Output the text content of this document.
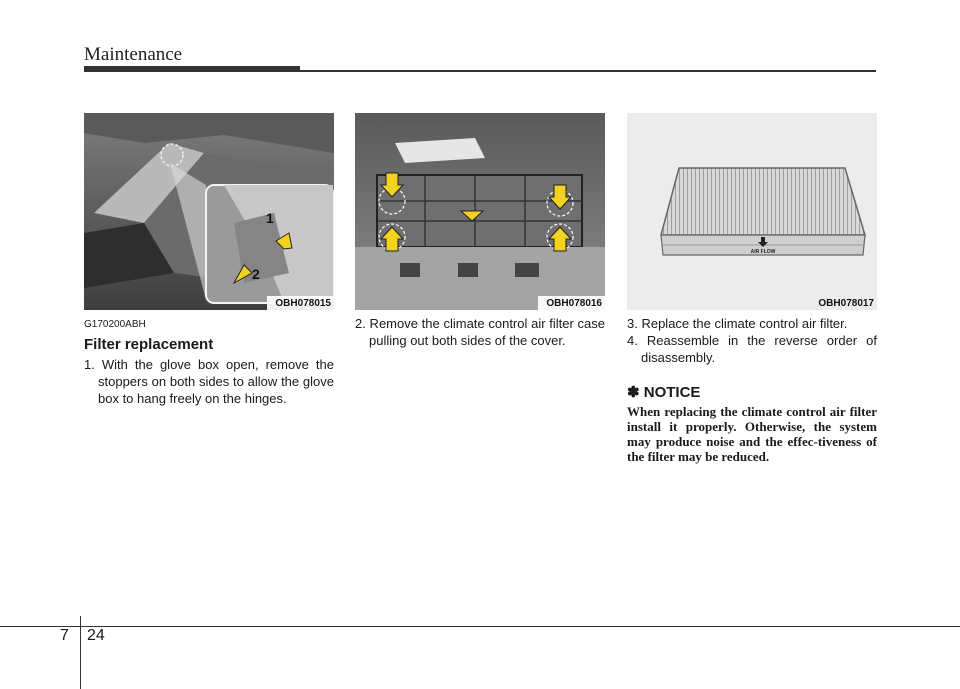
Maintenance
1
2
OBH078015	OBH078016
AIR FLOW
OBH078017
G170200ABH
Filter replacement

1. With the glove box open, remove the stoppers on both sides to allow the glove box to hang freely on the hinges.

2. Remove the climate control air filter case pulling out both sides of the cover.

3. Replace the climate control air filter.

4. Reassemble in the reverse order of disassembly.

✽ NOTICE
When replacing the climate control air filter install it properly. Otherwise, the system may produce noise and the effec-tiveness of the filter may be reduced.
7 24
